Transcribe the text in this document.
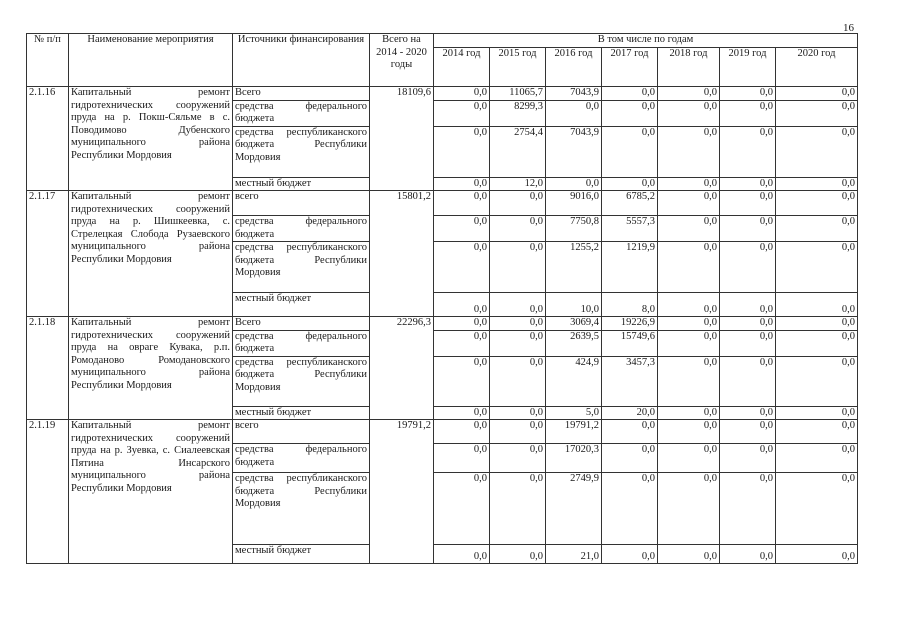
16
№ п/п	Наименование мероприятия	Источники финансирования	Всего на 2014 - 2020 годы	В том числе по годам						
				2014 год	2015 год	2016 год	2017 год	2018 год	2019 год	2020 год
2.1.16	Капитальный ремонт гидротехнических сооружений пруда на р. Покш-Сяльме в с. Поводимово Дубенского муниципального района Республики Мордовия	Всего	18109,6	0,0	11065,7	7043,9	0,0	0,0	0,0	0,0
		средства федерального бюджета		0,0	8299,3	0,0	0,0	0,0	0,0	0,0
		средства республиканского бюджета Республики Мордовия		0,0	2754,4	7043,9	0,0	0,0	0,0	0,0
		местный бюджет		0,0	12,0	0,0	0,0	0,0	0,0	0,0
2.1.17	Капитальный ремонт гидротехнических сооружений пруда на р. Шишкеевка, с. Стрелецкая Слобода Рузаевского муниципального района Республики Мордовия	всего	15801,2	0,0	0,0	9016,0	6785,2	0,0	0,0	0,0
		средства федерального бюджета		0,0	0,0	7750,8	5557,3	0,0	0,0	0,0
		средства республиканского бюджета Республики Мордовия		0,0	0,0	1255,2	1219,9	0,0	0,0	0,0
		местный бюджет		0,0	0,0	10,0	8,0	0,0	0,0	0,0
2.1.18	Капитальный ремонт гидротехнических сооружений пруда на овраге Кувака, р.п. Ромоданово Ромодановского муниципального района Республики Мордовия	Всего	22296,3	0,0	0,0	3069,4	19226,9	0,0	0,0	0,0
		средства федерального бюджета		0,0	0,0	2639,5	15749,6	0,0	0,0	0,0
		средства республиканского бюджета Республики Мордовия		0,0	0,0	424,9	3457,3	0,0	0,0	0,0
		местный бюджет		0,0	0,0	5,0	20,0	0,0	0,0	0,0
2.1.19	Капитальный ремонт гидротехнических сооружений пруда на р. Зуевка, с. Сиалеевская Пятина Инсарского муниципального района Республики Мордовия	всего	19791,2	0,0	0,0	19791,2	0,0	0,0	0,0	0,0
		средства федерального бюджета		0,0	0,0	17020,3	0,0	0,0	0,0	0,0
		средства республиканского бюджета Республики Мордовия		0,0	0,0	2749,9	0,0	0,0	0,0	0,0
		местный бюджет		0,0	0,0	21,0	0,0	0,0	0,0	0,0
